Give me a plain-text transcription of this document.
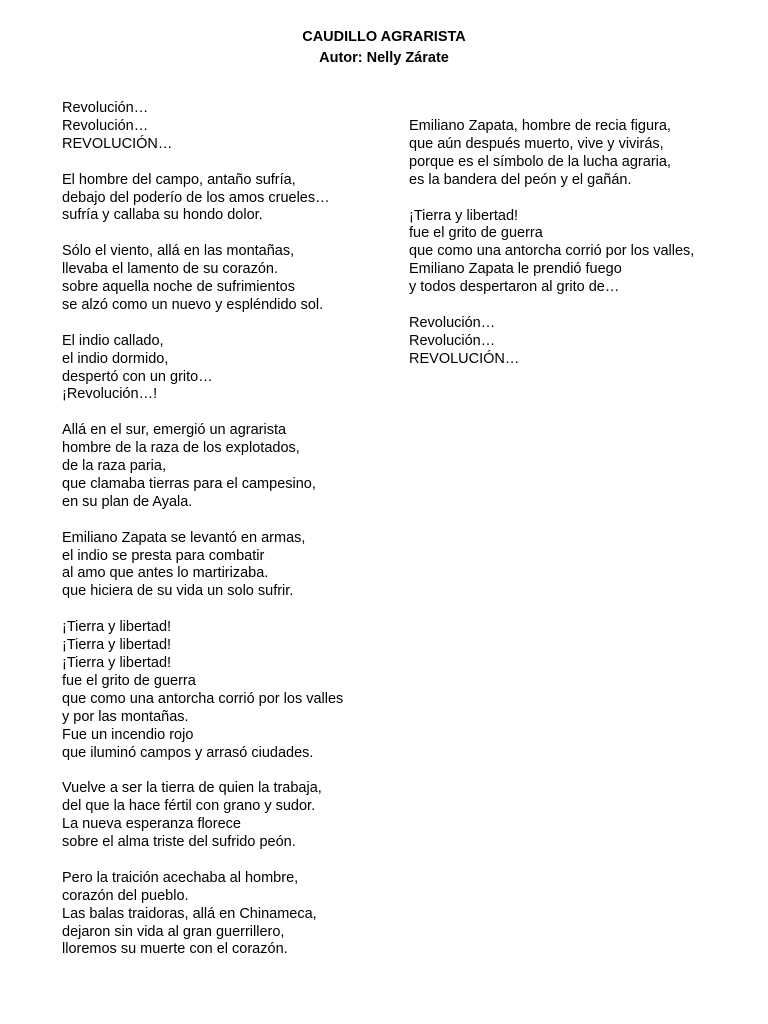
CAUDILLO AGRARISTA
Autor: Nelly Zárate
Revolución…
Revolución…
REVOLUCIÓN…
El hombre del campo, antaño sufría,
debajo del poderío de los amos crueles…
sufría y callaba su hondo dolor.
Sólo el viento, allá en las montañas,
llevaba el lamento de su corazón.
sobre aquella noche de sufrimientos
se alzó como un nuevo y espléndido sol.
El indio callado,
el indio dormido,
despertó con un grito…
¡Revolución…!
Allá en el sur, emergió un agrarista
hombre de la raza de los explotados,
de la raza paria,
que clamaba tierras para el campesino,
en su plan de Ayala.
Emiliano Zapata se levantó en armas,
el indio se presta para combatir
al amo que antes lo martirizaba.
que hiciera de su vida un solo sufrir.
¡Tierra y libertad!
¡Tierra y libertad!
¡Tierra y libertad!
fue el grito de guerra
que como una antorcha corrió por los valles
y por las montañas.
Fue un incendio rojo
que iluminó campos y arrasó ciudades.
Vuelve a ser la tierra de quien la trabaja,
del que la hace fértil con grano y sudor.
La nueva esperanza florece
sobre el alma triste del sufrido peón.
Pero la traición acechaba al hombre,
corazón del pueblo.
Las balas traidoras, allá en Chinameca,
dejaron sin vida al gran guerrillero,
lloremos su muerte con el corazón.
Emiliano Zapata, hombre de recia figura,
que aún después muerto, vive y vivirás,
porque es el símbolo de la lucha agraria,
es la bandera del peón y el gañán.
¡Tierra y libertad!
fue el grito de guerra
que como una antorcha corrió por los valles,
Emiliano Zapata le prendió fuego
y todos despertaron al grito de…
Revolución…
Revolución…
REVOLUCIÓN…
